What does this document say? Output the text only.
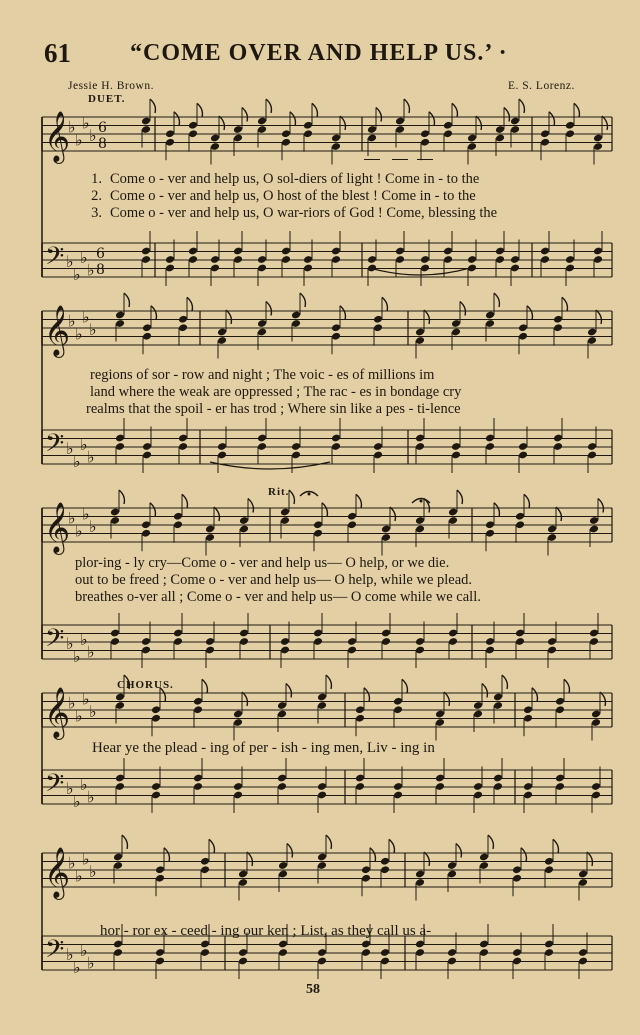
61 “COME OVER AND HELP US.’ ·
Jessie H. Brown.	E. S. Lorenz.
DUET.
Rit.
CHORUS.
𝄞
♭
♭
♭
♭ 6
8
𝄢 ♭
♭
♭
♭
6
8
𝄞
♭
♭
♭
♭
𝄢 ♭
♭
♭
♭
𝄞
♭
♭
♭
♭
𝄢 ♭
♭
♭
♭
𝄞
♭
♭
♭
♭
𝄢 ♭
♭
♭
♭
𝄞
♭
♭
♭
♭
𝄢 ♭
♭
♭
♭
1. Come o - ver and help us, O sol-diers of light ! Come in - to the
2. Come o - ver and help us, O host of the blest ! Come in - to the
3. Come o - ver and help us, O war-riors of God ! Come, blessing the
regions of sor - row and night ; The voic - es of millions im
land where the weak are oppressed ; The rac - es in bondage cry
realms that the spoil - er has trod ; Where sin like a pes - ti-lence
plor-ing - ly cry—Come o - ver and help us— O help, or we die.
out to be freed ; Come o - ver and help us— O help, while we plead.
breathes o-ver all ; Come o - ver and help us— O come while we call.
Hear ye the plead - ing of per - ish - ing men, Liv - ing in
hor - ror ex - ceed - ing our ken ; List, as they call us a-
58
